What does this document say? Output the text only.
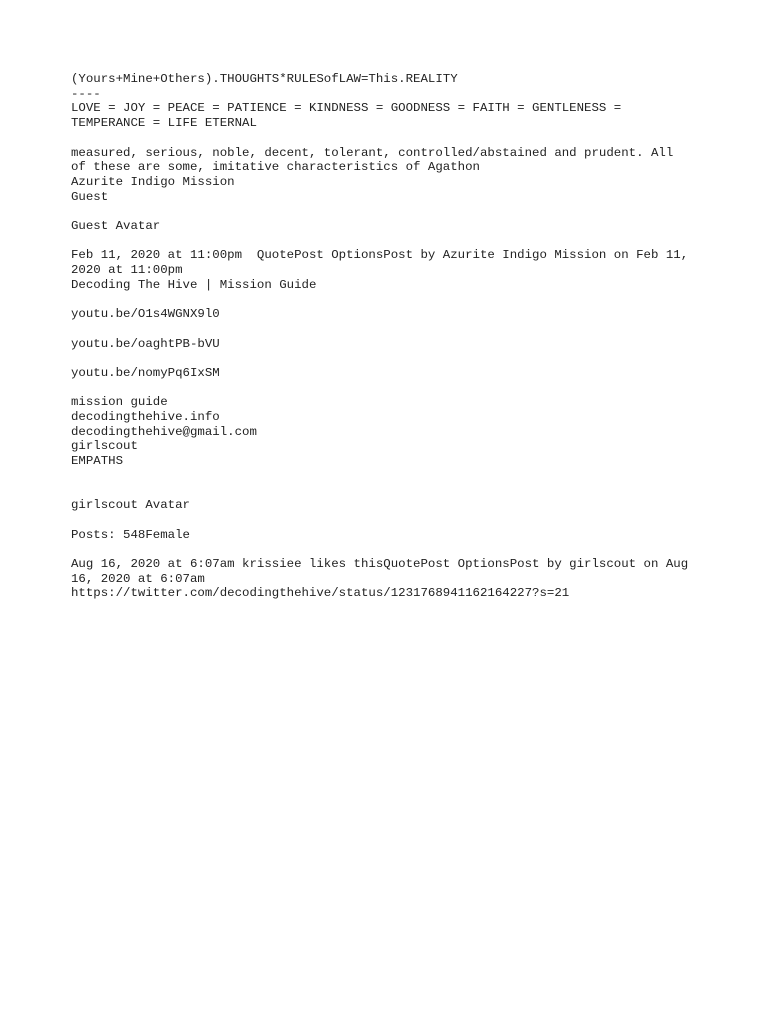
(Yours+Mine+Others).THOUGHTS*RULESofLAW=This.REALITY
----
LOVE = JOY = PEACE = PATIENCE = KINDNESS = GOODNESS = FAITH = GENTLENESS =
TEMPERANCE = LIFE ETERNAL
measured, serious, noble, decent, tolerant, controlled/abstained and prudent. All
of these are some, imitative characteristics of Agathon
Azurite Indigo Mission
Guest
Guest Avatar
Feb 11, 2020 at 11:00pm  QuotePost OptionsPost by Azurite Indigo Mission on Feb 11,
2020 at 11:00pm
Decoding The Hive | Mission Guide
youtu.be/O1s4WGNX9l0
youtu.be/oaghtPB-bVU
youtu.be/nomyPq6IxSM
mission guide
decodingthehive.info
decodingthehive@gmail.com
girlscout
EMPATHS
girlscout Avatar
Posts: 548Female
Aug 16, 2020 at 6:07am krissiee likes thisQuotePost OptionsPost by girlscout on Aug
16, 2020 at 6:07am
https://twitter.com/decodingthehive/status/1231768941162164227?s=21
